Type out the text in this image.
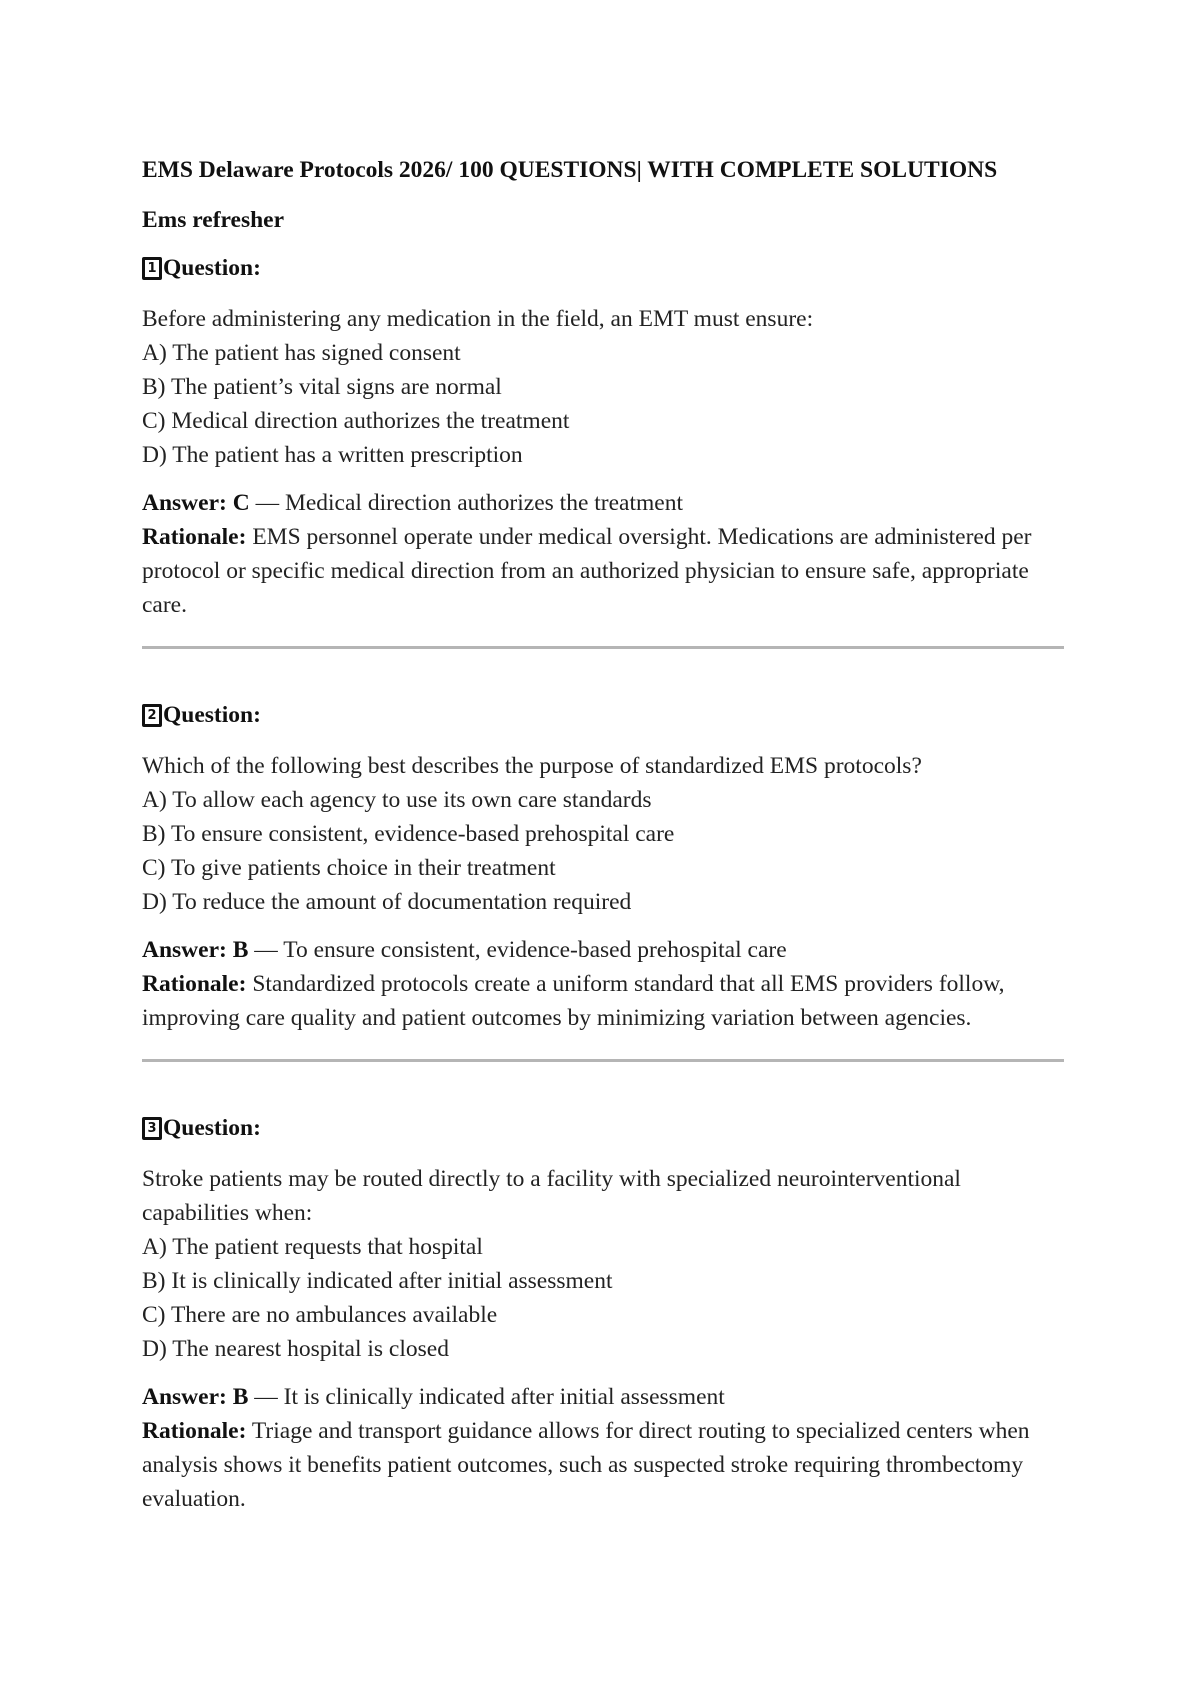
EMS Delaware Protocols 2026/ 100 QUESTIONS| WITH COMPLETE SOLUTIONS
Ems refresher
1 Question:

Before administering any medication in the field, an EMT must ensure:

A) The patient has signed consent

B) The patient’s vital signs are normal

C) Medical direction authorizes the treatment

D) The patient has a written prescription

Answer: C — Medical direction authorizes the treatment

Rationale: EMS personnel operate under medical oversight. Medications are administered per protocol or specific medical direction from an authorized physician to ensure safe, appropriate care.

2 Question:

Which of the following best describes the purpose of standardized EMS protocols?

A) To allow each agency to use its own care standards

B) To ensure consistent, evidence-based prehospital care

C) To give patients choice in their treatment

D) To reduce the amount of documentation required

Answer: B — To ensure consistent, evidence-based prehospital care

Rationale: Standardized protocols create a uniform standard that all EMS providers follow, improving care quality and patient outcomes by minimizing variation between agencies.

3 Question:

Stroke patients may be routed directly to a facility with specialized neurointerventional capabilities when:

A) The patient requests that hospital

B) It is clinically indicated after initial assessment

C) There are no ambulances available

D) The nearest hospital is closed

Answer: B — It is clinically indicated after initial assessment

Rationale: Triage and transport guidance allows for direct routing to specialized centers when analysis shows it benefits patient outcomes, such as suspected stroke requiring thrombectomy evaluation.
